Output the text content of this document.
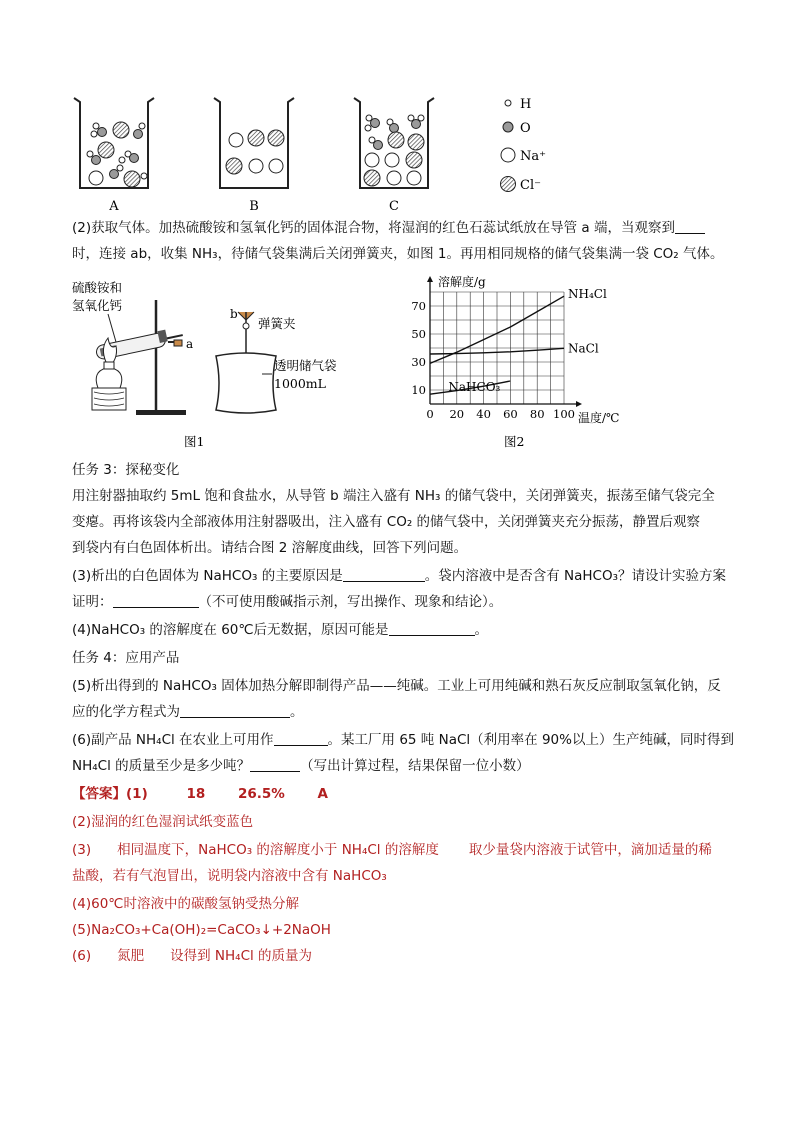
A	B	C
H
O
Na⁺
Cl⁻
(2)获取气体。加热硫酸铵和氢氧化钙的固体混合物，将湿润的红色石蕊试纸放在导管 a 端，当观察到
时，连接 ab，收集 NH₃，待储气袋集满后关闭弹簧夹，如图 1。再用相同规格的储气袋集满一袋 CO₂ 气体。
硫酸铵和
氢氧化钙
a
b
弹簧夹
透明储气袋
1000mL
图1
0 20 40 60 80 100
10
30
50
70
NH₄Cl
NaCl
NaHCO₃
溶解度/g
温度/℃
图2
任务 3：探秘变化
用注射器抽取约 5mL 饱和食盐水，从导管 b 端注入盛有 NH₃ 的储气袋中，关闭弹簧夹，振荡至储气袋完全
变瘪。再将该袋内全部液体用注射器吸出，注入盛有 CO₂ 的储气袋中，关闭弹簧夹充分振荡，静置后观察
到袋内有白色固体析出。请结合图 2 溶解度曲线，回答下列问题。
(3)析出的白色固体为 NaHCO₃ 的主要原因是	。袋内溶液中是否含有 NaHCO₃？请设计实验方案
证明：	（不可使用酸碱指示剂，写出操作、现象和结论）。
(4)NaHCO₃ 的溶解度在 60℃后无数据，原因可能是	。
任务 4：应用产品
(5)析出得到的 NaHCO₃ 固体加热分解即制得产品——纯碱。工业上可用纯碱和熟石灰反应制取氢氧化钠，反
应的化学方程式为	。
(6)副产品 NH₄Cl 在农业上可用作	。某工厂用 65 吨 NaCl（利用率在 90%以上）生产纯碱，同时得到
NH₄Cl 的质量至少是多少吨？	（写出计算过程，结果保留一位小数）
【答案】(1)	18 26.5% A
(2)湿润的红色湿润试纸变蓝色
(3) 相同温度下，NaHCO₃ 的溶解度小于 NH₄Cl 的溶解度 取少量袋内溶液于试管中，滴加适量的稀
盐酸，若有气泡冒出，说明袋内溶液中含有 NaHCO₃
(4)60℃时溶液中的碳酸氢钠受热分解
(5)Na₂CO₃+Ca(OH)₂=CaCO₃↓+2NaOH
(6) 氮肥 设得到 NH₄Cl 的质量为
